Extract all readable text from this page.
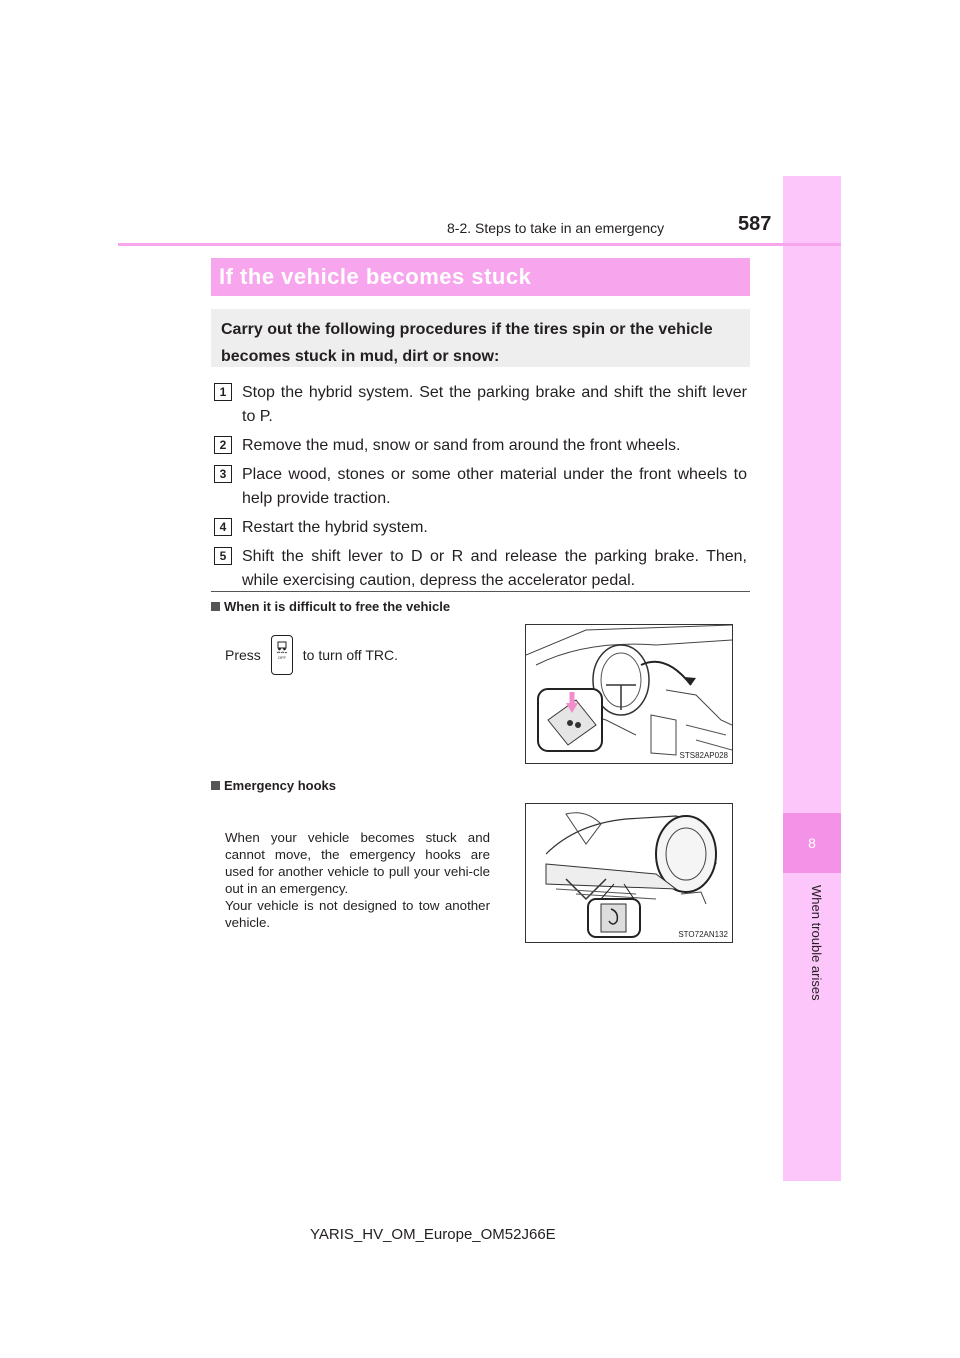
8
When trouble arises
8-2. Steps to take in an emergency	587
If the vehicle becomes stuck

Carry out the following procedures if the tires spin or the vehicle becomes stuck in mud, dirt or snow:

1 Stop the hybrid system. Set the parking brake and shift the shift lever to P.
2 Remove the mud, snow or sand from around the front wheels.
3 Place wood, stones or some other material under the front wheels to help provide traction.
4 Restart the hybrid system.
5 Shift the shift lever to D or R and release the parking brake. Then, while exercising caution, depress the accelerator pedal.
When it is difficult to free the vehicle
Press	OFF to turn off TRC.
STS82AP028
Emergency hooks

When your vehicle becomes stuck and cannot move, the emergency hooks are used for another vehicle to pull your vehi-cle out in an emergency.
Your vehicle is not designed to tow another vehicle.

STO72AN132
YARIS_HV_OM_Europe_OM52J66E
